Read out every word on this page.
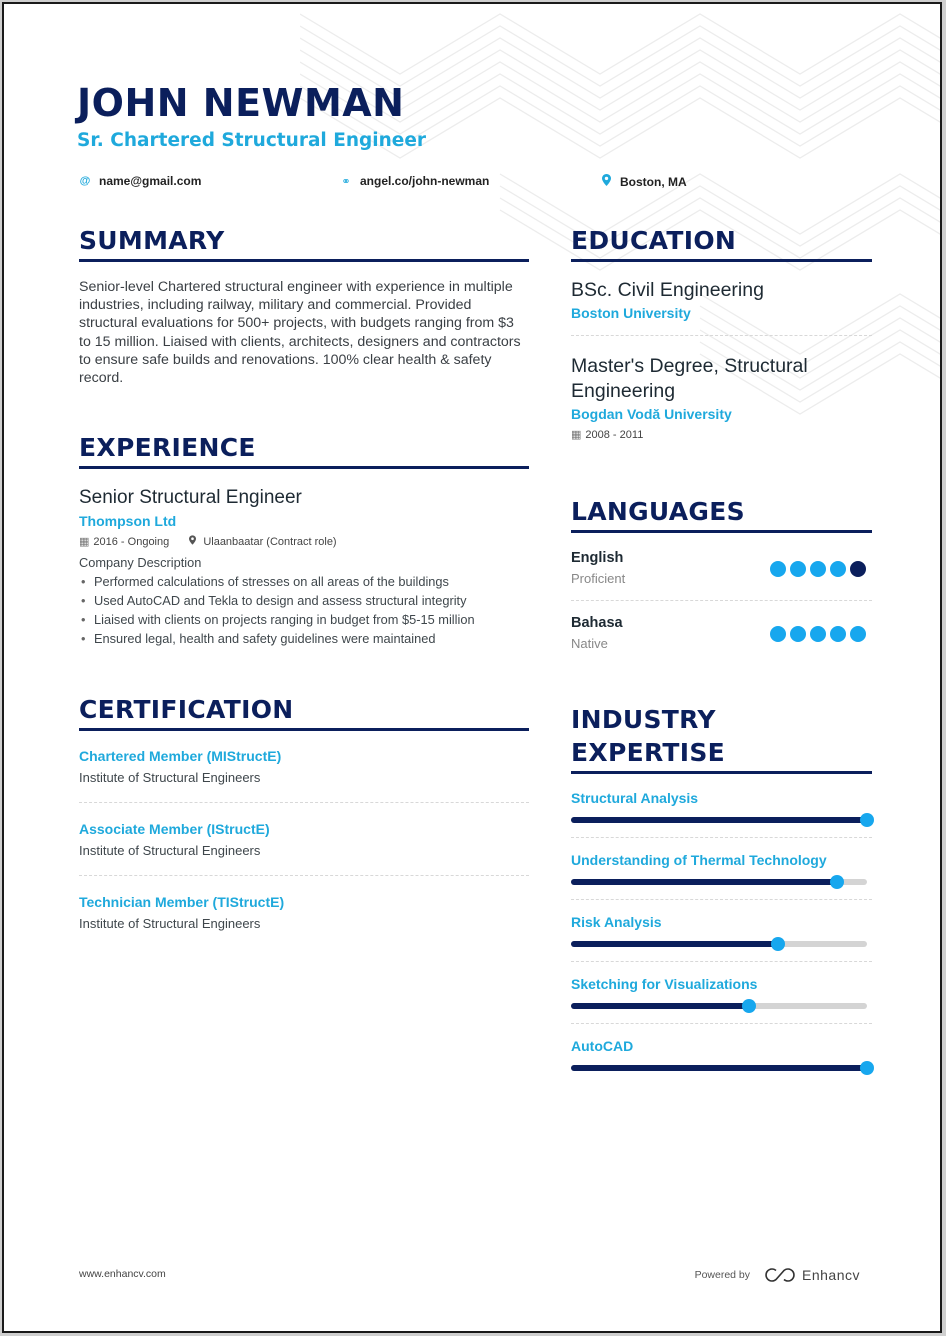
JOHN NEWMAN
Sr. Chartered Structural Engineer
@ name@gmail.com	⚭ angel.co/john-newman	Boston, MA
SUMMARY
Senior-level Chartered structural engineer with experience in multiple industries, including railway, military and commercial. Provided structural evaluations for 500+ projects, with budgets ranging from $3 to 15 million. Liaised with clients, architects, designers and contractors to ensure safe builds and renovations. 100% clear health & safety record.
EXPERIENCE
Senior Structural Engineer
Thompson Ltd
▦ 2016 - Ongoing	Ulaanbaatar (Contract role)
Company Description
• Performed calculations of stresses on all areas of the buildings
• Used AutoCAD and Tekla to design and assess structural integrity
• Liaised with clients on projects ranging in budget from $5-15 million
• Ensured legal, health and safety guidelines were maintained
CERTIFICATION
Chartered Member (MIStructE)
Institute of Structural Engineers
Associate Member (IStructE)
Institute of Structural Engineers
Technician Member (TIStructE)
Institute of Structural Engineers
EDUCATION
BSc. Civil Engineering
Boston University
Master's Degree, Structural Engineering
Bogdan Vodă University
▦ 2008 - 2011
LANGUAGES
English
Proficient
Bahasa
Native
INDUSTRY
EXPERTISE
Structural Analysis
Understanding of Thermal Technology
Risk Analysis
Sketching for Visualizations
AutoCAD
www.enhancv.com	Powered by	Enhancv
